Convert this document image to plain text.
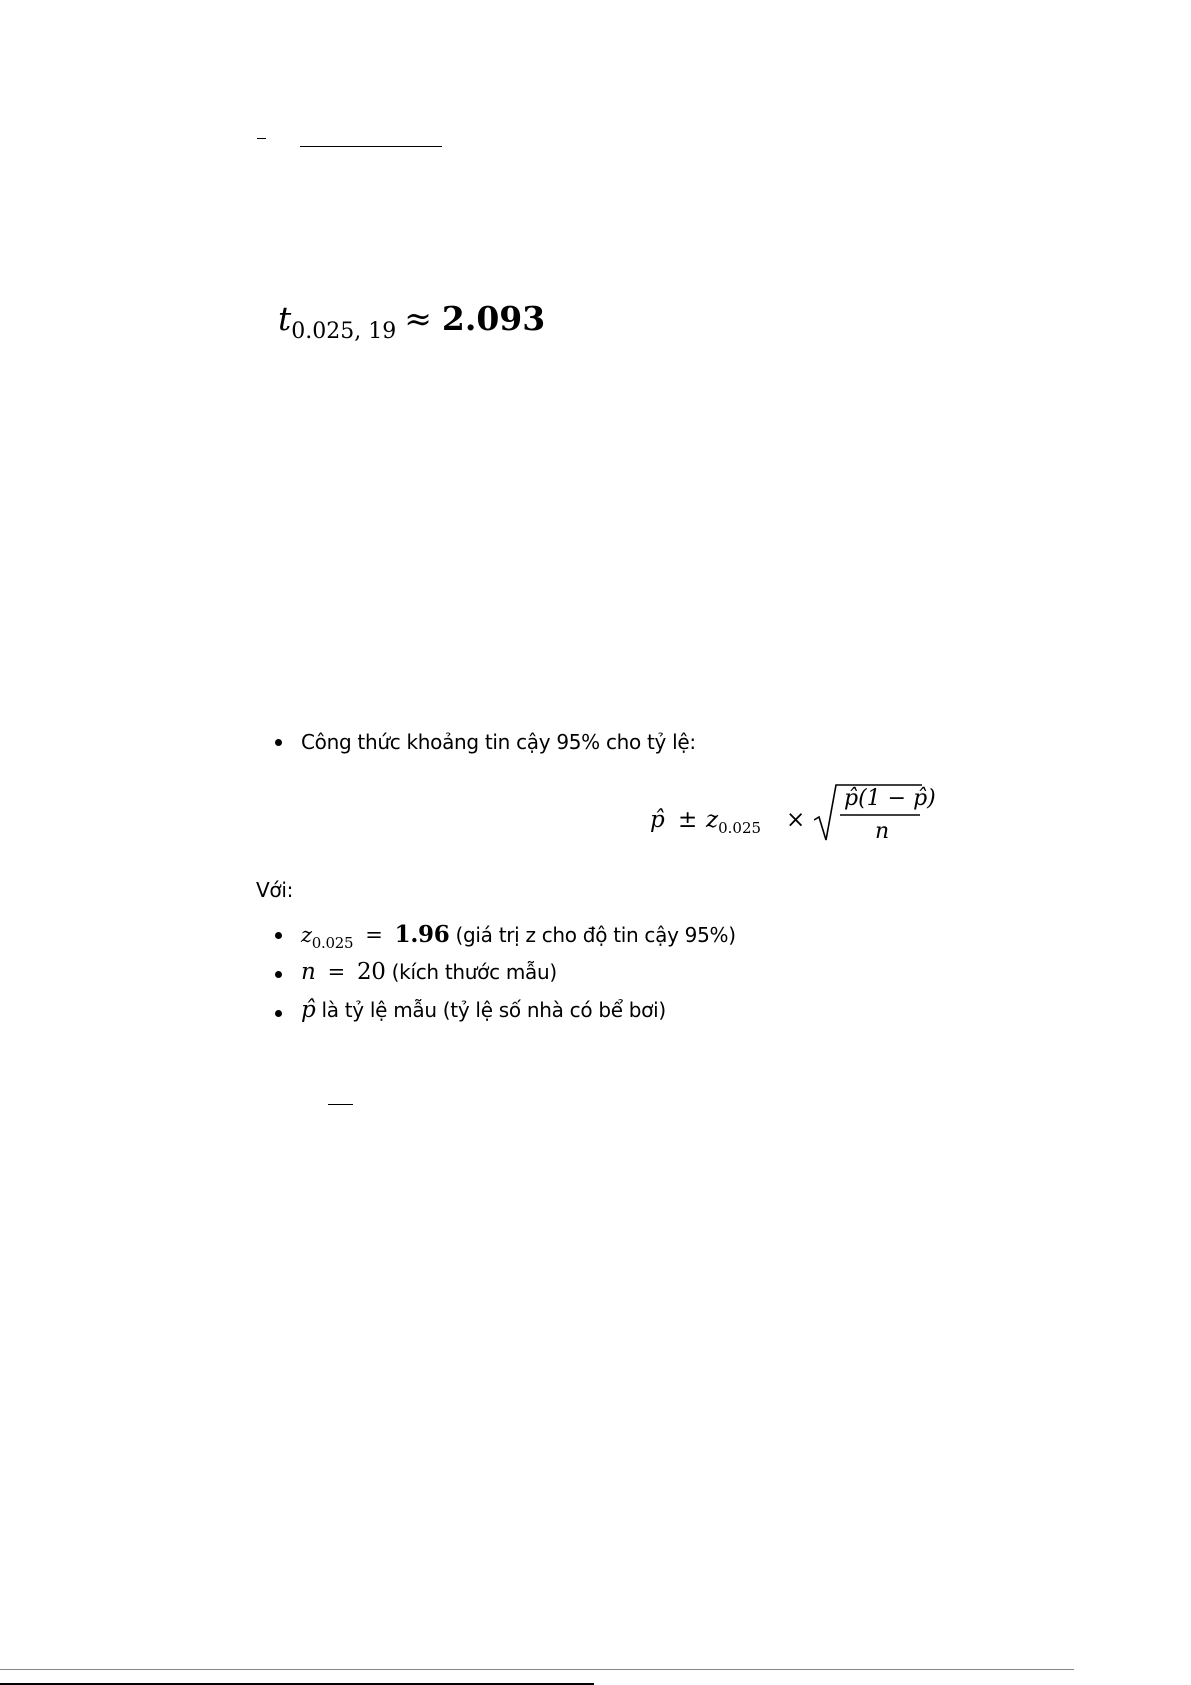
$t_{0.025, 19} \approx 2.093$
Công thức khoảng tin cậy 95% cho tỷ lệ:
p̂ ± $z_{0.025}$ ×
p̂(1 − p̂)
n
Với:
$z_{0.025} = 1.96$ (giá trị z cho độ tin cậy 95%)
n = 20 (kích thước mẫu)
p̂ là tỷ lệ mẫu (tỷ lệ số nhà có bể bơi)
